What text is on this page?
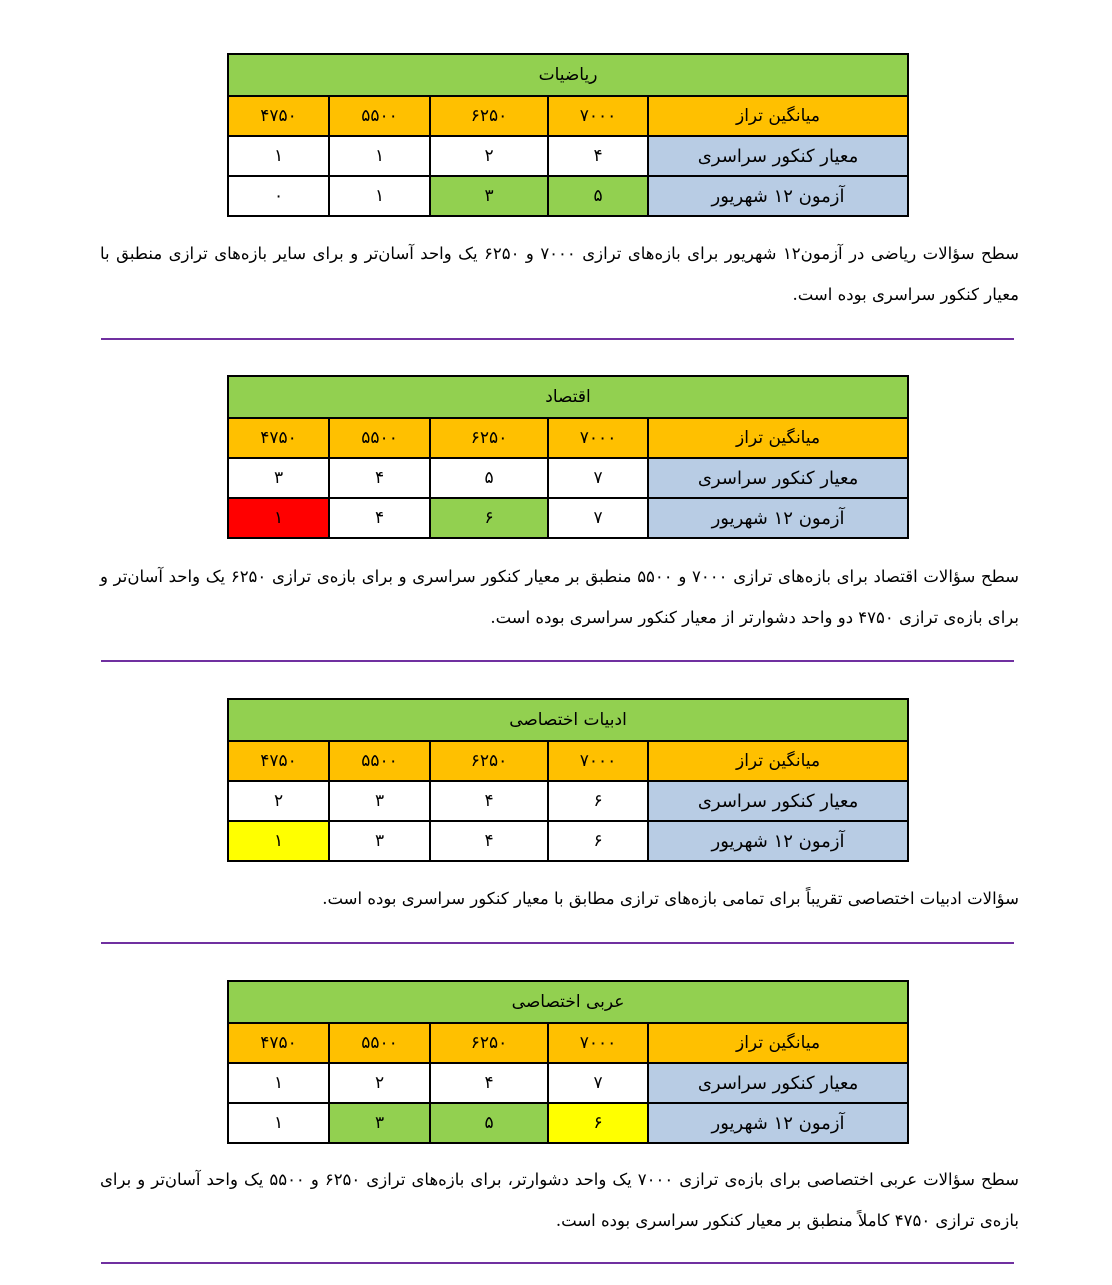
ریاضیات				
میانگین تراز	۷۰۰۰	۶۲۵۰	۵۵۰۰	۴۷۵۰
معیار کنکور سراسری	۴	۲	۱	۱
آزمون ۱۲ شهریور	۵	۳	۱	۰
سطح سؤالات ریاضی در آزمون۱۲ شهریور برای بازه‌های ترازی ۷۰۰۰ و ۶۲۵۰ یک واحد آسان‌تر و برای سایر بازه‌های ترازی منطبق با معیار کنکور سراسری بوده است.
اقتصاد				
میانگین تراز	۷۰۰۰	۶۲۵۰	۵۵۰۰	۴۷۵۰
معیار کنکور سراسری	۷	۵	۴	۳
آزمون ۱۲ شهریور	۷	۶	۴	۱
سطح سؤالات اقتصاد برای بازه‌های ترازی ۷۰۰۰ و ۵۵۰۰ منطبق بر معیار کنکور سراسری و برای بازه‌ی ترازی ۶۲۵۰ یک واحد آسان‌تر و برای بازه‌ی ترازی ۴۷۵۰ دو واحد دشوارتر از معیار کنکور سراسری بوده است.
ادبیات اختصاصی				
میانگین تراز	۷۰۰۰	۶۲۵۰	۵۵۰۰	۴۷۵۰
معیار کنکور سراسری	۶	۴	۳	۲
آزمون ۱۲ شهریور	۶	۴	۳	۱
سؤالات ادبیات اختصاصی تقریباً برای تمامی بازه‌های ترازی مطابق با معیار کنکور سراسری بوده است.
عربی اختصاصی				
میانگین تراز	۷۰۰۰	۶۲۵۰	۵۵۰۰	۴۷۵۰
معیار کنکور سراسری	۷	۴	۲	۱
آزمون ۱۲ شهریور	۶	۵	۳	۱
سطح سؤالات عربی اختصاصی برای بازه‌ی ترازی ۷۰۰۰ یک واحد دشوارتر، برای بازه‌های ترازی ۶۲۵۰ و ۵۵۰۰ یک واحد آسان‌تر و برای بازه‌ی ترازی ۴۷۵۰ کاملاً منطبق بر معیار کنکور سراسری بوده است.
